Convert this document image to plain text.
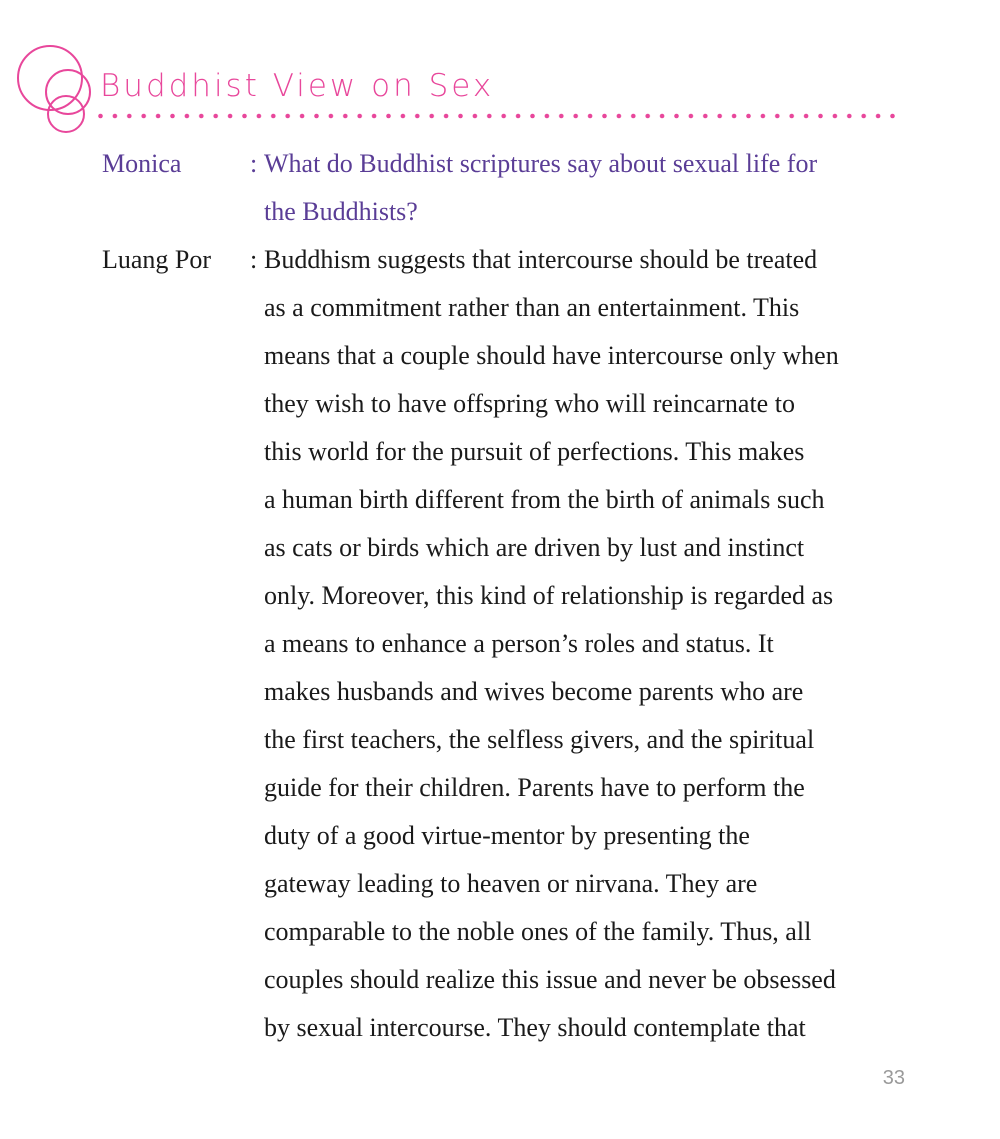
Buddhist View on Sex
Monica	: What do Buddhist scriptures say about sexual life for
the Buddhists?
Luang Por	: Buddhism suggests that intercourse should be treated
as a commitment rather than an entertainment. This
means that a couple should have intercourse only when
they wish to have offspring who will reincarnate to
this world for the pursuit of perfections. This makes
a human birth different from the birth of animals such
as cats or birds which are driven by lust and instinct
only. Moreover, this kind of relationship is regarded as
a means to enhance a person’s roles and status. It
makes husbands and wives become parents who are
the first teachers, the selfless givers, and the spiritual
guide for their children. Parents have to perform the
duty of a good virtue-mentor by presenting the
gateway leading to heaven or nirvana. They are
comparable to the noble ones of the family. Thus, all
couples should realize this issue and never be obsessed
by sexual intercourse. They should contemplate that
33
